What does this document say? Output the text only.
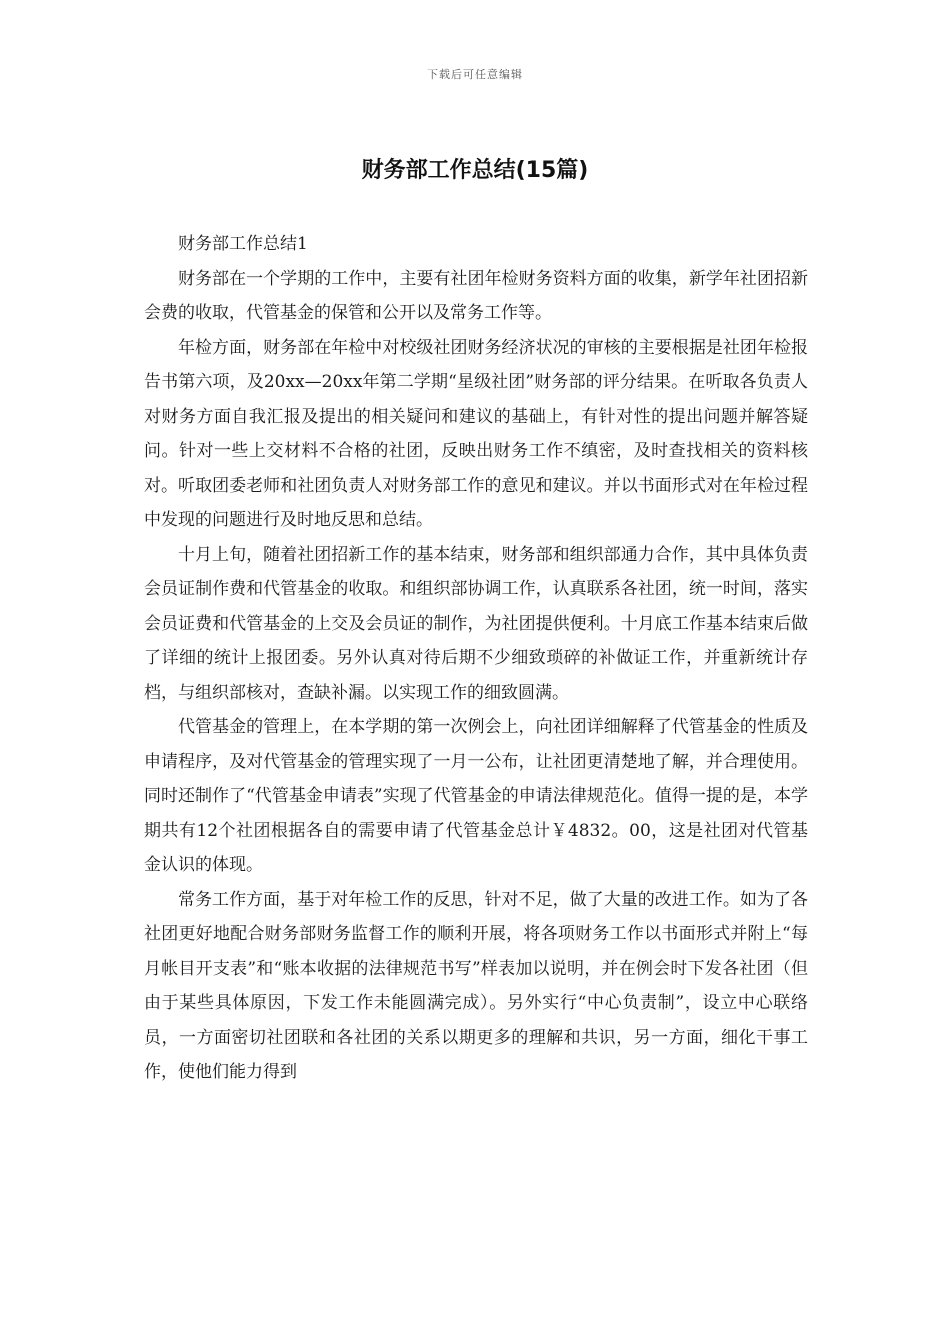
下载后可任意编辑
财务部工作总结(15篇)

财务部工作总结1

财务部在一个学期的工作中，主要有社团年检财务资料方面的收集，新学年社团招新会费的收取，代管基金的保管和公开以及常务工作等。

年检方面，财务部在年检中对校级社团财务经济状况的审核的主要根据是社团年检报告书第六项，及20xx—20xx年第二学期“星级社团”财务部的评分结果。在听取各负责人对财务方面自我汇报及提出的相关疑问和建议的基础上，有针对性的提出问题并解答疑问。针对一些上交材料不合格的社团，反映出财务工作不缜密，及时查找相关的资料核对。听取团委老师和社团负责人对财务部工作的意见和建议。并以书面形式对在年检过程中发现的问题进行及时地反思和总结。

十月上旬，随着社团招新工作的基本结束，财务部和组织部通力合作，其中具体负责会员证制作费和代管基金的收取。和组织部协调工作，认真联系各社团，统一时间，落实会员证费和代管基金的上交及会员证的制作，为社团提供便利。十月底工作基本结束后做了详细的统计上报团委。另外认真对待后期不少细致琐碎的补做证工作，并重新统计存档，与组织部核对，查缺补漏。以实现工作的细致圆满。

代管基金的管理上，在本学期的第一次例会上，向社团详细解释了代管基金的性质及申请程序，及对代管基金的管理实现了一月一公布，让社团更清楚地了解，并合理使用。同时还制作了“代管基金申请表”实现了代管基金的申请法律规范化。值得一提的是，本学期共有12个社团根据各自的需要申请了代管基金总计￥4832。00，这是社团对代管基金认识的体现。

常务工作方面，基于对年检工作的反思，针对不足，做了大量的改进工作。如为了各社团更好地配合财务部财务监督工作的顺利开展，将各项财务工作以书面形式并附上“每月帐目开支表”和“账本收据的法律规范书写”样表加以说明，并在例会时下发各社团（但由于某些具体原因，下发工作未能圆满完成）。另外实行“中心负责制”，设立中心联络员，一方面密切社团联和各社团的关系以期更多的理解和共识，另一方面，细化干事工作，使他们能力得到
